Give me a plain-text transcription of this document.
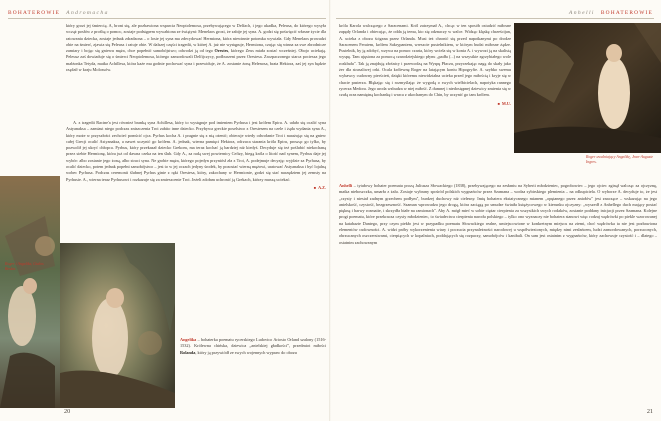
BOHATEROWIE Andromacha

który grozi jej śmiercią. A, broni się, ale pozbawiona wsparcia Neoptolemosa, przebywającego w Delfach, i jego ukadka, Peleusa, do którego wysyła wcząż posłów z prośbą o pomoc, zostaje podstępem wywabiona ze świątyni: Menelaos grozi, że zabije jej syna. A. godzi się poświęcić własne życie dla ratowania dziecka, zostaje jednak zdradzona – o losie jej syna ma zdecydować Hermiona, która niewinnie potomka wywiała. Gdy Menelaos prowadzi obie na śmierć, zjawia się Peleusz i ratuje obie. W dalszej części tragedii, w której A. już nie występuje, Hermiona, czując się winna za swe zbrodnicze zamiary i bojąc się gniewu męża, chce popełnić samobójstwo; odwodzi ją od tego Orestes, którego Zeus miała zostać wcześniej. Obojo uciekają. Peleusz zaś dowiaduje się o śmierci Neoptolemosa, którego zamordowali Delfijczycy, podburzeni przez Orestesa. Zrozpaczonego starca pociesza jego małżonka Tetyda, matka Achillesa, która każe mu godnie pochować syna i przewiduje, że A. zostanie żoną Helenosa, brata Hektora, zaś jej syn będzie rządził w kraju Molossów.

Roger i Angelika, Gialos Beskin.

A. z tragedii Racine'a jest również branką syna Achillesa, który to występuje pod imieniem Pyrhusa i jest królem Epiru. A. udało się ocalić syna Astyanaksa – zamiast niego podczas zniszczenia Troi zabito inne dziecko. Przybywa greckie poselstwo z Orestesem na czele i żąda wydania syna A., który może w przyszłości zechcieć pomścić ojca. Pyrhus kocha A. i pragnie się z nią ożenić; obiecuje wtedy odwołanie Troi i narażając się na gniew całej Grecji ocalić Astyanaksa, a nawet uczynić go królem. A. jednak, wierna pamięci Hektora, odrzuca starania króla Epiru, prosząc go tylko, by pozwolił jej ukryć chłopca. Pyrhus, który przekazał dziecko Grekom, ma teraz kochać ją bardziej niż kiedyś. Decyduje się też poślubić niekochaną przez siebie Hermionę, która już od dawna czeka na ten ślub. Gdy A., za radą swej powiernicy Cefizy, biegą króla o litość nad synem, Pyrhus daje jej wybór: albo zostanie jego żoną, albo straci syna. Ne grobie męża, którego pojedyn przyniósł zła z Troi, A. podejmuje decyzję: wyjdzie za Pyrhusa, by ocalić dziecko, potem jednak popełni samobójstwo – jest to w jej oczach jedyny środek, by pozostać wierną mężowi, uratować Astyanaksa i być lojalną wobec Pyrhusa. Podczas ceremonii ślubnej Pyrhus ginie z ręki Orestesa, który, zakochany w Hermionie, godzi się stać narzędziem jej zemsty na Pyrhusie. A., wierna teraz Pyrhusowi i rozkazuje się za zmieszcenie Troi. Jeżeli zdołam uchronić ją Grekach, którzy muszą uciekać.

■ A.Z.

Angelika – bohaterka poematu rycerskiego Ludovico Ariosto Orland szalony (1516-1532). Królewna chińska, dziewica „anielskiej gładkości”, przedmiot miłości Rolanda, który ją przywiódł ze swych wojennych wypraw do obozu

20
Anhelli BOHATEROWIE

króla Karola walczącego z Saracenami. Król zatrzymał A., chcąc w ten sposób ostudzić miłosne zapędy Orlanda i obiecując, że odda ją temu, kto się odznaczy w walce. Widząc klęskę chrześcijan, A. ucieka z obozu ścigana przez Orlanda. Musi też chronić się przed napotkanymi po drodze Saracenem Feraiem, królem Sakrypantem, wreszcie pustelnikiem, w którym budzi miłosne żądze. Pustelnik, by ją zdobyć, wzywa na pomoc czarta, który wciela się w konia A. i wywozi ją na skalistą wyspę. Tam ujęstona za pomocą czarodziejskiego płynu „padła (...) na wszystkie zgrzybiałego wole rozkładu". Tak ją znajdują złośnicy i przewodzą na Wyspę Płaczu, przyrzekając nagą do skały jako żer dla straszliwej orki. Ocala królewnę Roger na latającym koniu Hipogryfie. A. szybko swemu wybawcy cudowny pierścień, dzięki któremu niewidzialna ucieka przed jego miłością i kryje się w chacie pasterza. Błąkając się i rozmyślając że wygodą o swych wielbicielach, napotyka rannego rycerza Medora. Jego uroda wzbudza w niej miłość. Z dumnej i niedostępnej dziewicy zmienia się w czułą oraz namiętną kochankę i wraca z ukochanym do Chin, by uczynić go tam królem.

■ M.U.
Roger uwalniający Angelikę, Jean-Auguste Ingres.

Anhelli – tytułowy bohater poematu prozą Juliusza Słowackiego (1838), przebywającego na zesłaniu na Syberii młodzieniec, pogrobowiec – jego ojciec zginął walcząc za ojczyznę, matka nieboszczka, umarła z żalu. Zostaje wybrany spośród polskich wygnańców przez Szamana – wodza sybirskiego plemienia – na odkupiciela. O wyborze A. decyduje to, że jest „czysty i niesiał zadnym grzechem podłym", burdzej duchowy niż cielesny. Imię bohatera ekstatycznego mianem „opętanego przez aniołów" jest znaczące – wskazując na jego anielskość, czystość, bezgrzeszność. Szaman wprowadza jego drogą, która zaciągą po smudze światła księżycowego w kierunku ojczyzny: „wyszedł z Anhellego duch mający postać piękną i barwy rozmaite, i skrzydła białe na ramionach". Aby A. mógł mieć w sobie ciężar cierpienia za wszystkich swych rodaków, zostanie poddany inicjacji przez Szamana. Kolejne progi poematu, które przekracza czysty młodzieniec, to świadectwa cierpienia narodu polskiego – tylko ono wyznaczy nie bohatera stanowi więc rodzaj wędrówki po piekle wzorowanej na katabazie Dantego, przy czym piekło jest w przypadku poematu Słowackiego realne, umiejscowione w konkretnym miejscu na ziemi, choć wędrówka ta nie jest pozbawiona elementów cudowności. A. widzi próby wykorzenienia wiary i poczucia przynależności narodowej u współwiezionych, między nimi zesłańcem, ludzi zamordowanych, porzuconych, obrzucanych oszczerstwami, cierpiących w kopalniach, poddających się rozpaczy, samobójców i kanibali. On sam jest ostatnim z wygnańców, który zachowuje czystość i – dlatego – ostatnim zachowanym

21
